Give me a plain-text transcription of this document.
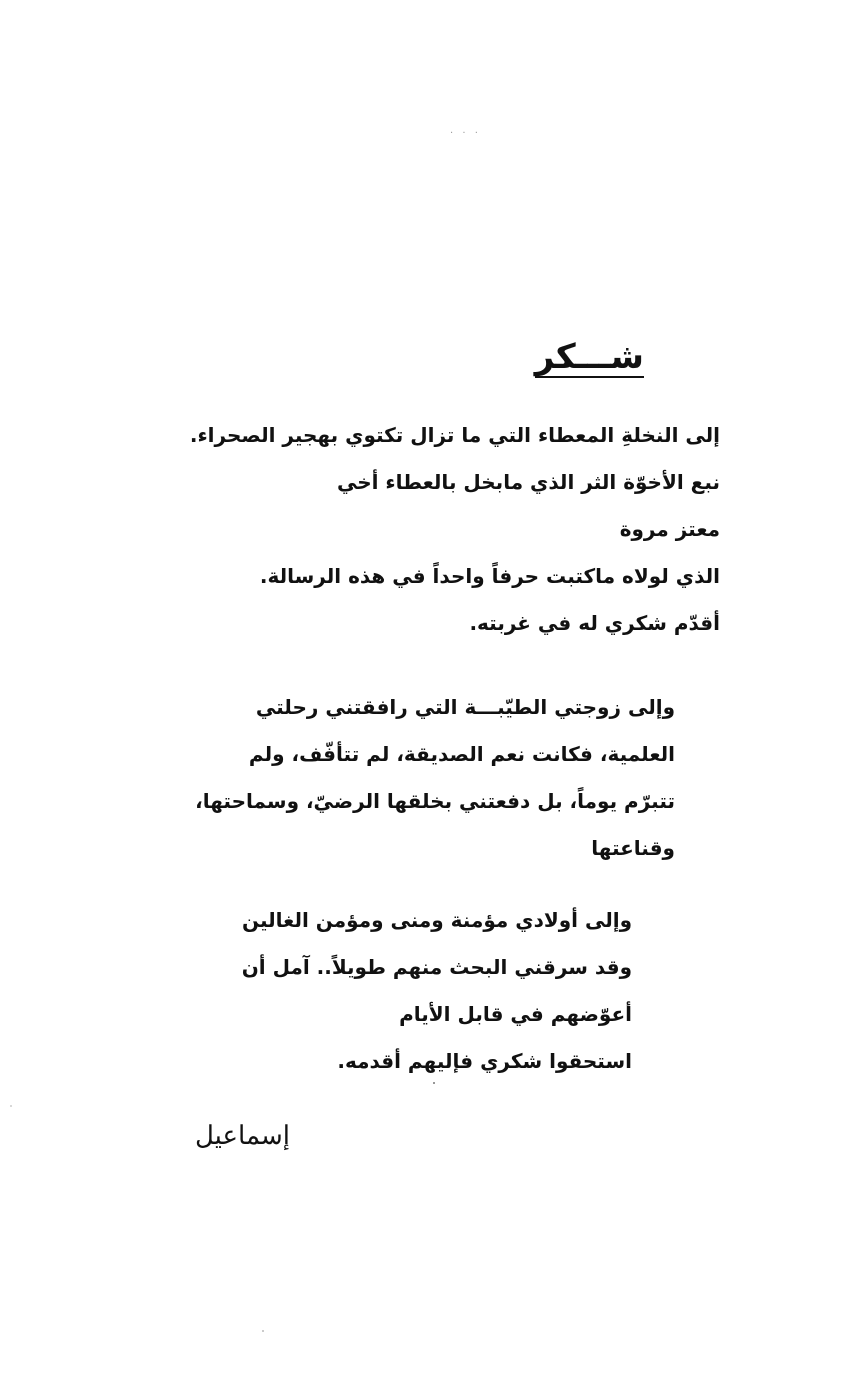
· · ·
شـــكر
إلى النخلةِ المعطاء التي ما تزال تكتوي بهجير الصحراء.
نبع الأخوّة الثر الذي مابخل بالعطاء أخي
معتز مروة
الذي لولاه ماكتبت حرفاً واحداً في هذه الرسالة.
أقدّم شكري له في غربته.
وإلى زوجتي الطيّبـــة التي رافقتني رحلتي
العلمية، فكانت نعم الصديقة، لم تتأفّف، ولم
تتبرّم يوماً، بل دفعتني بخلقها الرضيّ، وسماحتها،
وقناعتها
وإلى أولادي مؤمنة ومنى ومؤمن الغالين
وقد سرقني البحث منهم طويلاً.. آمل أن
أعوّضهم في قابل الأيام
استحقوا شكري فإليهم أقدمه.
إسماعيل
